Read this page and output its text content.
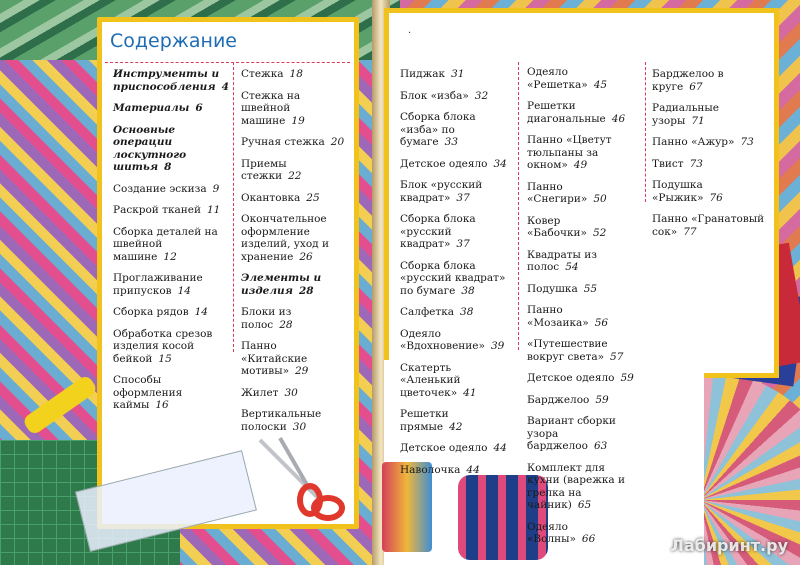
Содержание	·
Инструменты и приспособления 4
Материалы 6
Основные операции лоскутного шитья 8
Создание эскиза 9
Раскрой тканей 11
Сборка деталей на швейной машине 12
Проглаживание припусков 14
Сборка рядов 14
Обработка срезов изделия косой бейкой 15
Способы оформления каймы 16
Стежка 18
Стежка на швейной машине 19
Ручная стежка 20
Приемы стежки 22
Окантовка 25
Окончательное оформление изделий, уход и хранение 26
Элементы и изделия 28
Блоки из полос 28
Панно «Китайские мотивы» 29
Жилет 30
Вертикальные полоски 30
Пиджак 31
Блок «изба» 32
Сборка блока «изба» по бумаге 33
Детское одеяло 34
Блок «русский квадрат» 37
Сборка блока «русский квадрат» 37
Сборка блока «русский квадрат» по бумаге 38
Салфетка 38
Одеяло «Вдохновение» 39
Скатерть «Аленький цветочек» 41
Решетки прямые 42
Детское одеяло 44
Наволочка 44
Одеяло «Решетка» 45
Решетки диагональные 46
Панно «Цветут тюльпаны за окном» 49
Панно «Снегири» 50
Ковер «Бабочки» 52
Квадраты из полос 54
Подушка 55
Панно «Мозаика» 56
«Путешествие вокруг света» 57
Детское одеяло 59
Барджелоо 59
Вариант сборки узора барджелоо 63
Комплект для кухни (варежка и грелка на чайник) 65
Одеяло «Волны» 66
Барджелоо в круге 67
Радиальные узоры 71
Панно «Ажур» 73
Твист 73
Подушка «Рыжик» 76
Панно «Гранатовый сок» 77
Лабиринт.ру
